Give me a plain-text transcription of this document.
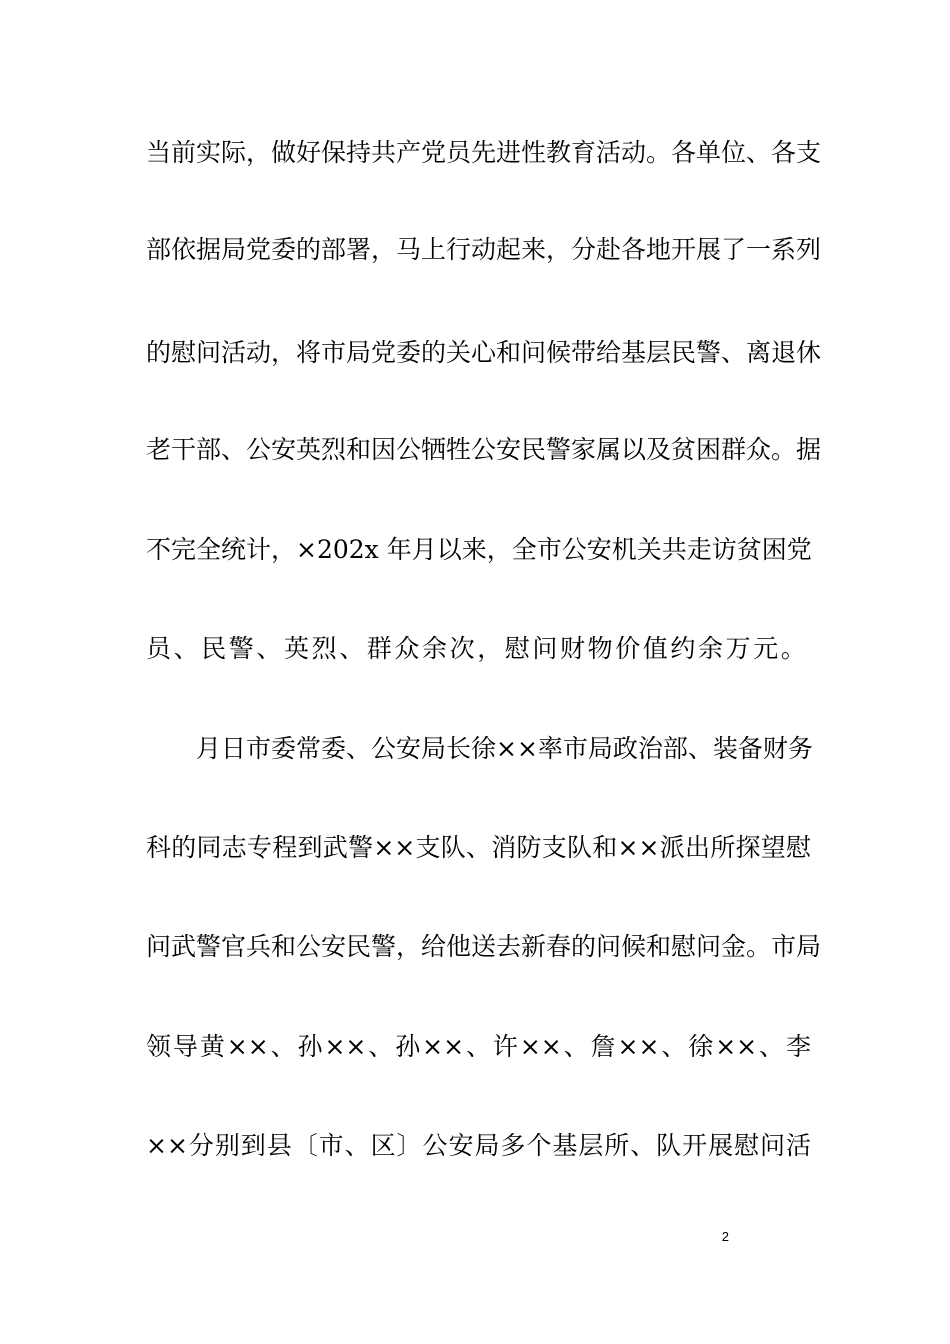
当前实际，做好保持共产党员先进性教育活动。各单位、各支
部依据局党委的部署，马上行动起来，分赴各地开展了一系列
的慰问活动，将市局党委的关心和问候带给基层民警、离退休
老干部、公安英烈和因公牺牲公安民警家属以及贫困群众。据
不完全统计，×202x 年月以来，全市公安机关共走访贫困党
员、民警、英烈、群众余次，慰问财物价值约余万元。
月日市委常委、公安局长徐××率市局政治部、装备财务
科的同志专程到武警××支队、消防支队和××派出所探望慰
问武警官兵和公安民警，给他送去新春的问候和慰问金。市局
领导黄××、孙××、孙××、许××、詹××、徐××、李
××分别到县〔市、区〕公安局多个基层所、队开展慰问活
2
